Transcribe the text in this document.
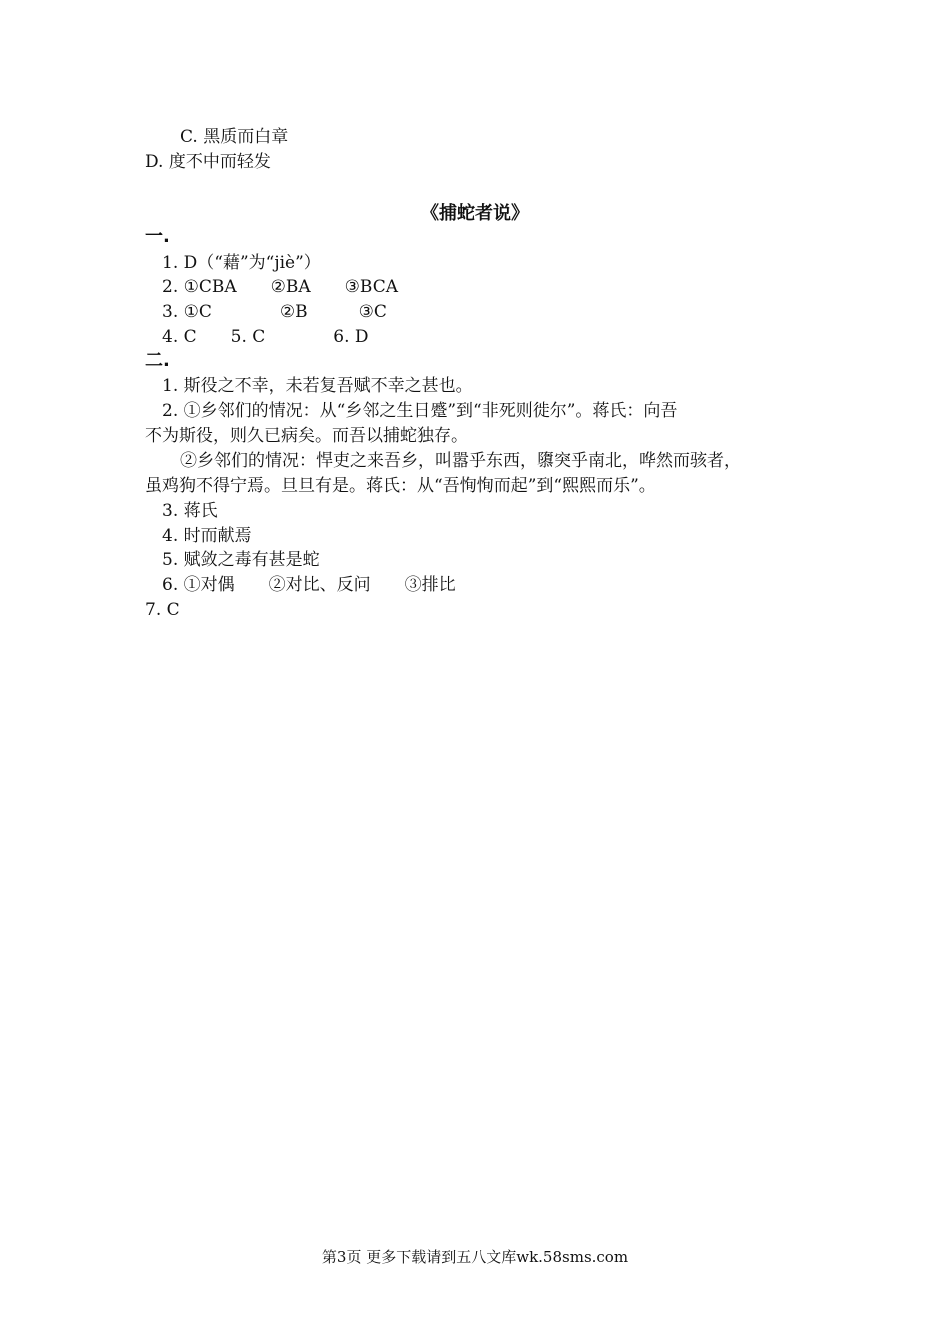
C. 黑质而白章
D. 度不中而轻发
《捕蛇者说》
一.
1. D（“藉”为“jiè”）
2. ①CBA　　②BA　　③BCA
3. ①C　　　　②B　　　③C
4. C　　5. C　　　　6. D
二.
1. 斯役之不幸，未若复吾赋不幸之甚也。
2. ①乡邻们的情况：从“乡邻之生日蹙”到“非死则徙尔”。蒋氏：向吾
不为斯役，则久已病矣。而吾以捕蛇独存。
②乡邻们的情况：悍吏之来吾乡，叫嚣乎东西，隳突乎南北，哗然而骇者，
虽鸡狗不得宁焉。旦旦有是。蒋氏：从“吾恂恂而起”到“熙熙而乐”。
3. 蒋氏
4. 时而献焉
5. 赋敛之毒有甚是蛇
6. ①对偶　　②对比、反问　　③排比
7. C
第3页 更多下载请到五八文库wk.58sms.com
